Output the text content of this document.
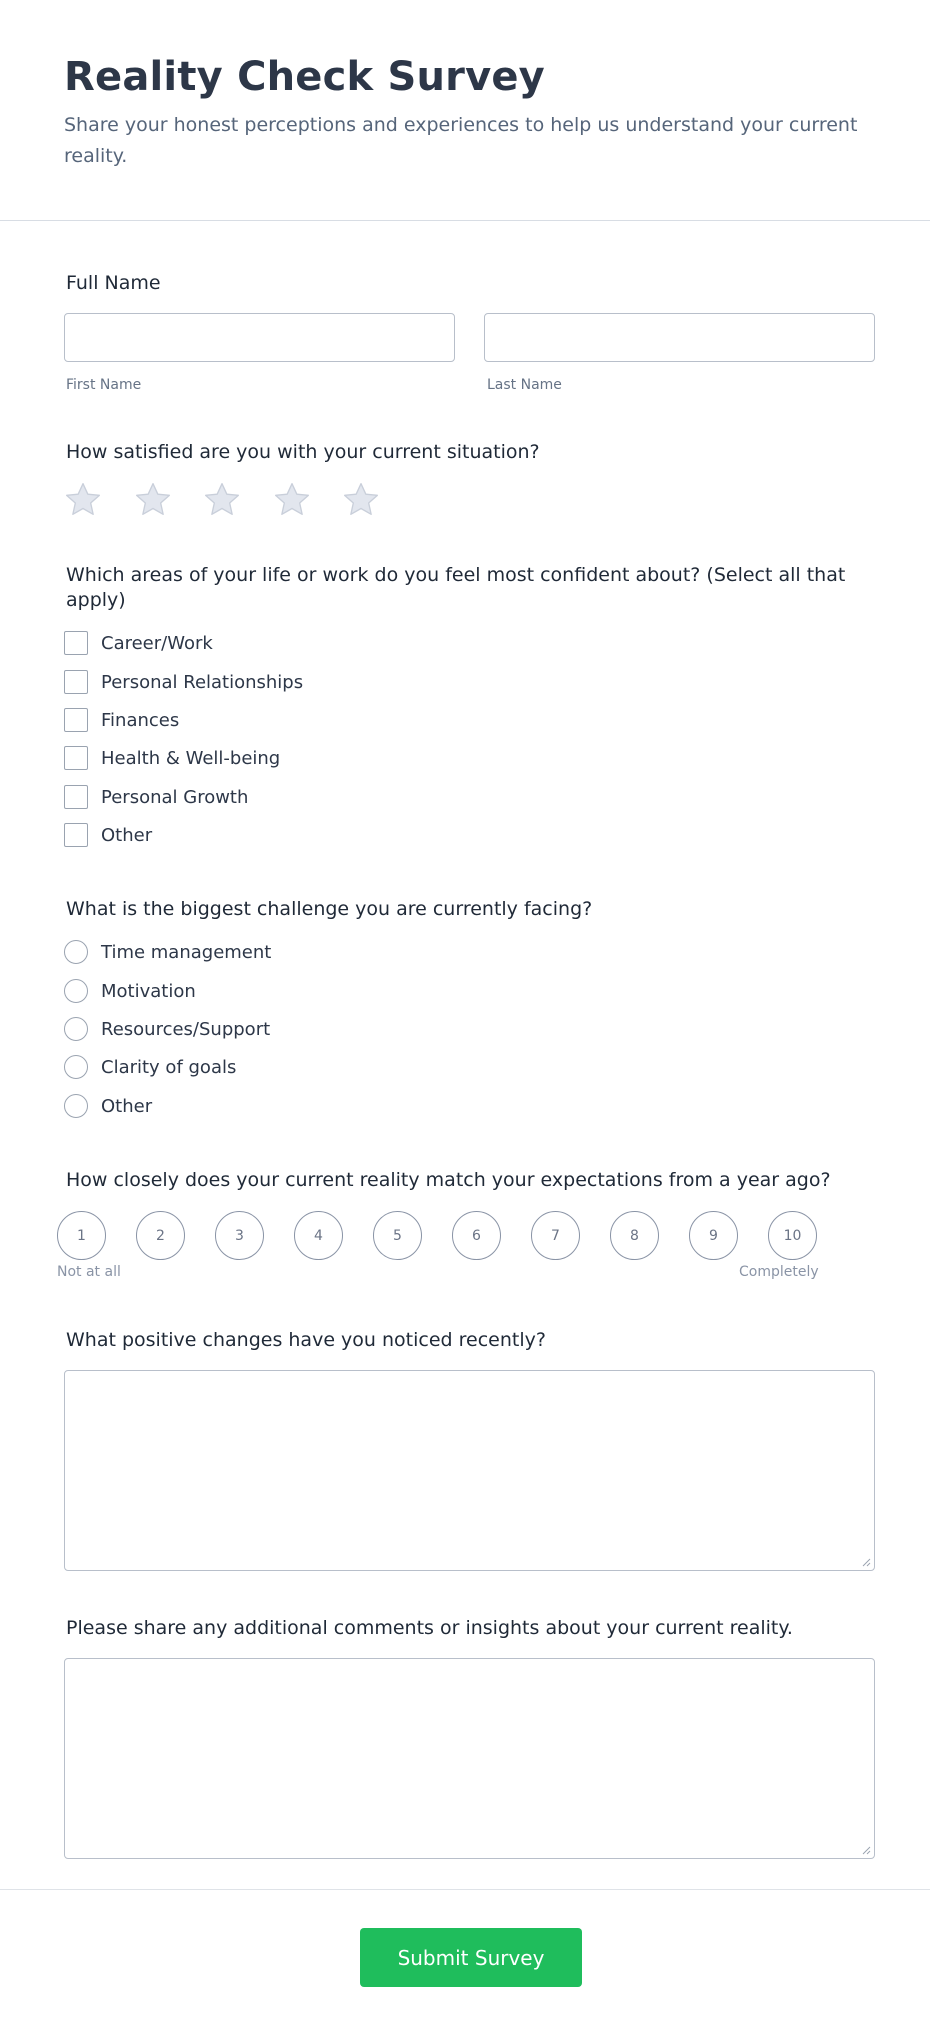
Reality Check Survey

Share your honest perceptions and experiences to help us understand your current reality.

Full Name
First Name	Last Name
How satisfied are you with your current situation?
Which areas of your life or work do you feel most confident about? (Select all that apply)
Career/Work
Personal Relationships
Finances
Health & Well-being
Personal Growth
Other
What is the biggest challenge you are currently facing?
Time management
Motivation
Resources/Support
Clarity of goals
Other
How closely does your current reality match your expectations from a year ago?
1	2	3	4	5	6	7	8	9	10
Not at all	Completely
What positive changes have you noticed recently?
Please share any additional comments or insights about your current reality.
Submit Survey
